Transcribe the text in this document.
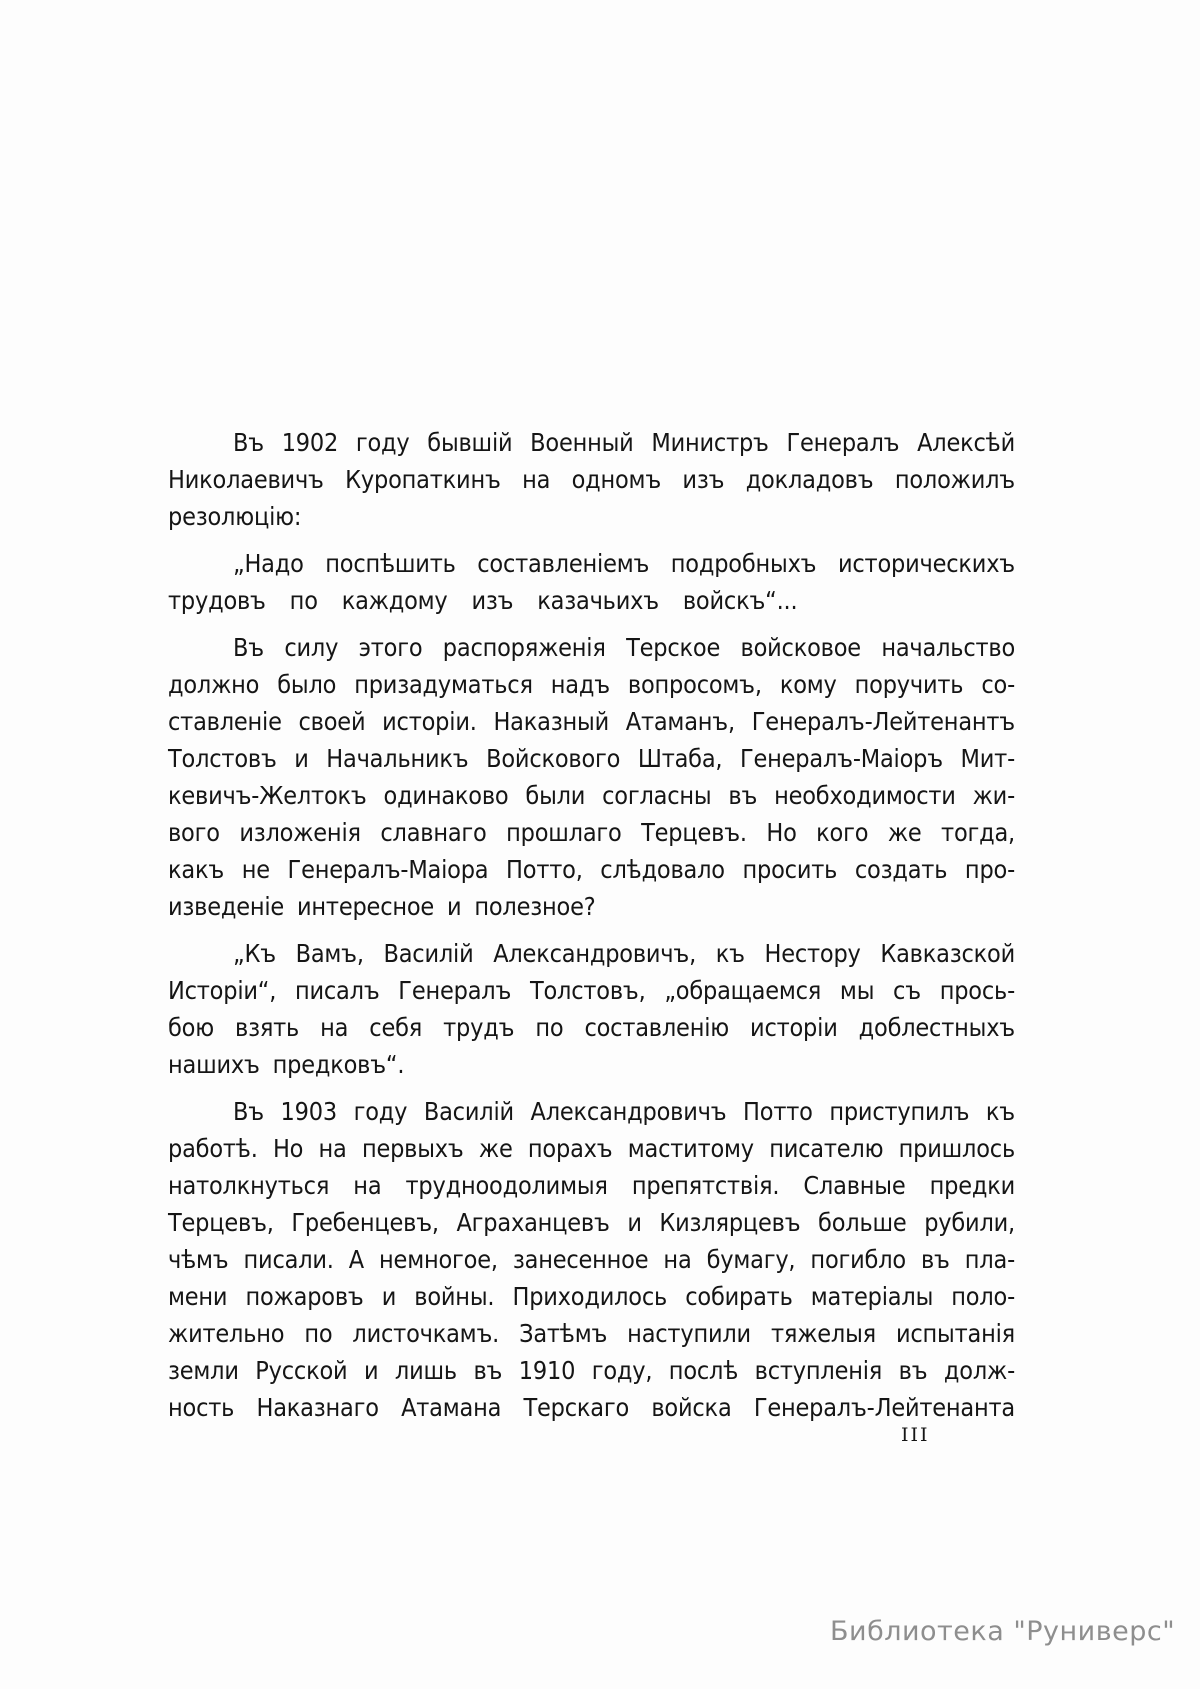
Въ 1902 году бывшій Военный Министръ Генералъ Алексѣй

Николаевичъ Куропаткинъ на одномъ изъ докладовъ положилъ

резолюцію:

„Надо поспѣшить составленіемъ подробныхъ историческихъ

трудовъ по каждому изъ казачьихъ войскъ“...

Въ силу этого распоряженія Терское войсковое начальство

должно было призадуматься надъ вопросомъ, кому поручить со-

ставленіе своей исторіи. Наказный Атаманъ, Генералъ-Лейтенантъ

Толстовъ и Начальникъ Войскового Штаба, Генералъ-Маіоръ Мит-

кевичъ-Желтокъ одинаково были согласны въ необходимости жи-

вого изложенія славнаго прошлаго Терцевъ. Но кого же тогда,

какъ не Генералъ-Маіора Потто, слѣдовало просить создать про-

изведеніе интересное и полезное?

„Къ Вамъ, Василій Александровичъ, къ Нестору Кавказской

Исторіи“, писалъ Генералъ Толстовъ, „обращаемся мы съ прось-

бою взять на себя трудъ по составленію исторіи доблестныхъ

нашихъ предковъ“.

Въ 1903 году Василій Александровичъ Потто приступилъ къ

работѣ. Но на первыхъ же порахъ маститому писателю пришлось

натолкнуться на трудноодолимыя препятствія. Славные предки

Терцевъ, Гребенцевъ, Аграханцевъ и Кизлярцевъ больше рубили,

чѣмъ писали. А немногое, занесенное на бумагу, погибло въ пла-

мени пожаровъ и войны. Приходилось собирать матеріалы поло-

жительно по листочкамъ. Затѣмъ наступили тяжелыя испытанія

земли Русской и лишь въ 1910 году, послѣ вступленія въ долж-

ность Наказнаго Атамана Терскаго войска Генералъ-Лейтенанта

III
Библиотека "Руниверс"
